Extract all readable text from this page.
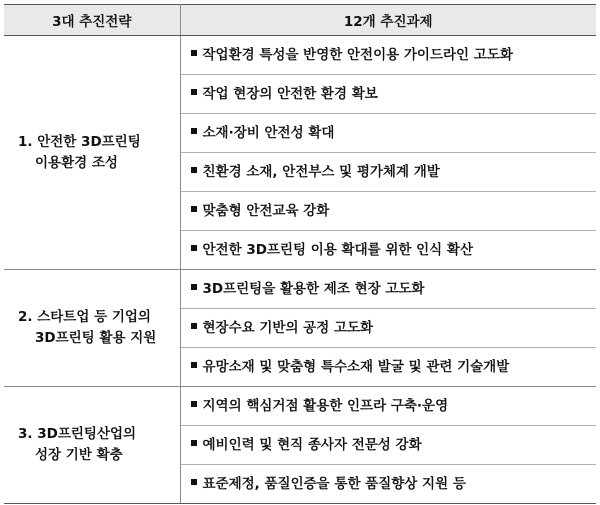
3대 추진전략	12개 추진과제

1. 안전한 3D프린팅
이용환경 조성	작업환경 특성을 반영한 안전이용 가이드라인 고도화
	작업 현장의 안전한 환경 확보
	소재·장비 안전성 확대
	친환경 소재, 안전부스 및 평가체계 개발
	맞춤형 안전교육 강화
	안전한 3D프린팅 이용 확대를 위한 인식 확산

2. 스타트업 등 기업의
3D프린팅 활용 지원	3D프린팅을 활용한 제조 현장 고도화
	현장수요 기반의 공정 고도화
	유망소재 및 맞춤형 특수소재 발굴 및 관련 기술개발

3. 3D프린팅산업의
성장 기반 확충	지역의 핵심거점 활용한 인프라 구축·운영
	예비인력 및 현직 종사자 전문성 강화
	표준제정, 품질인증을 통한 품질향상 지원 등
